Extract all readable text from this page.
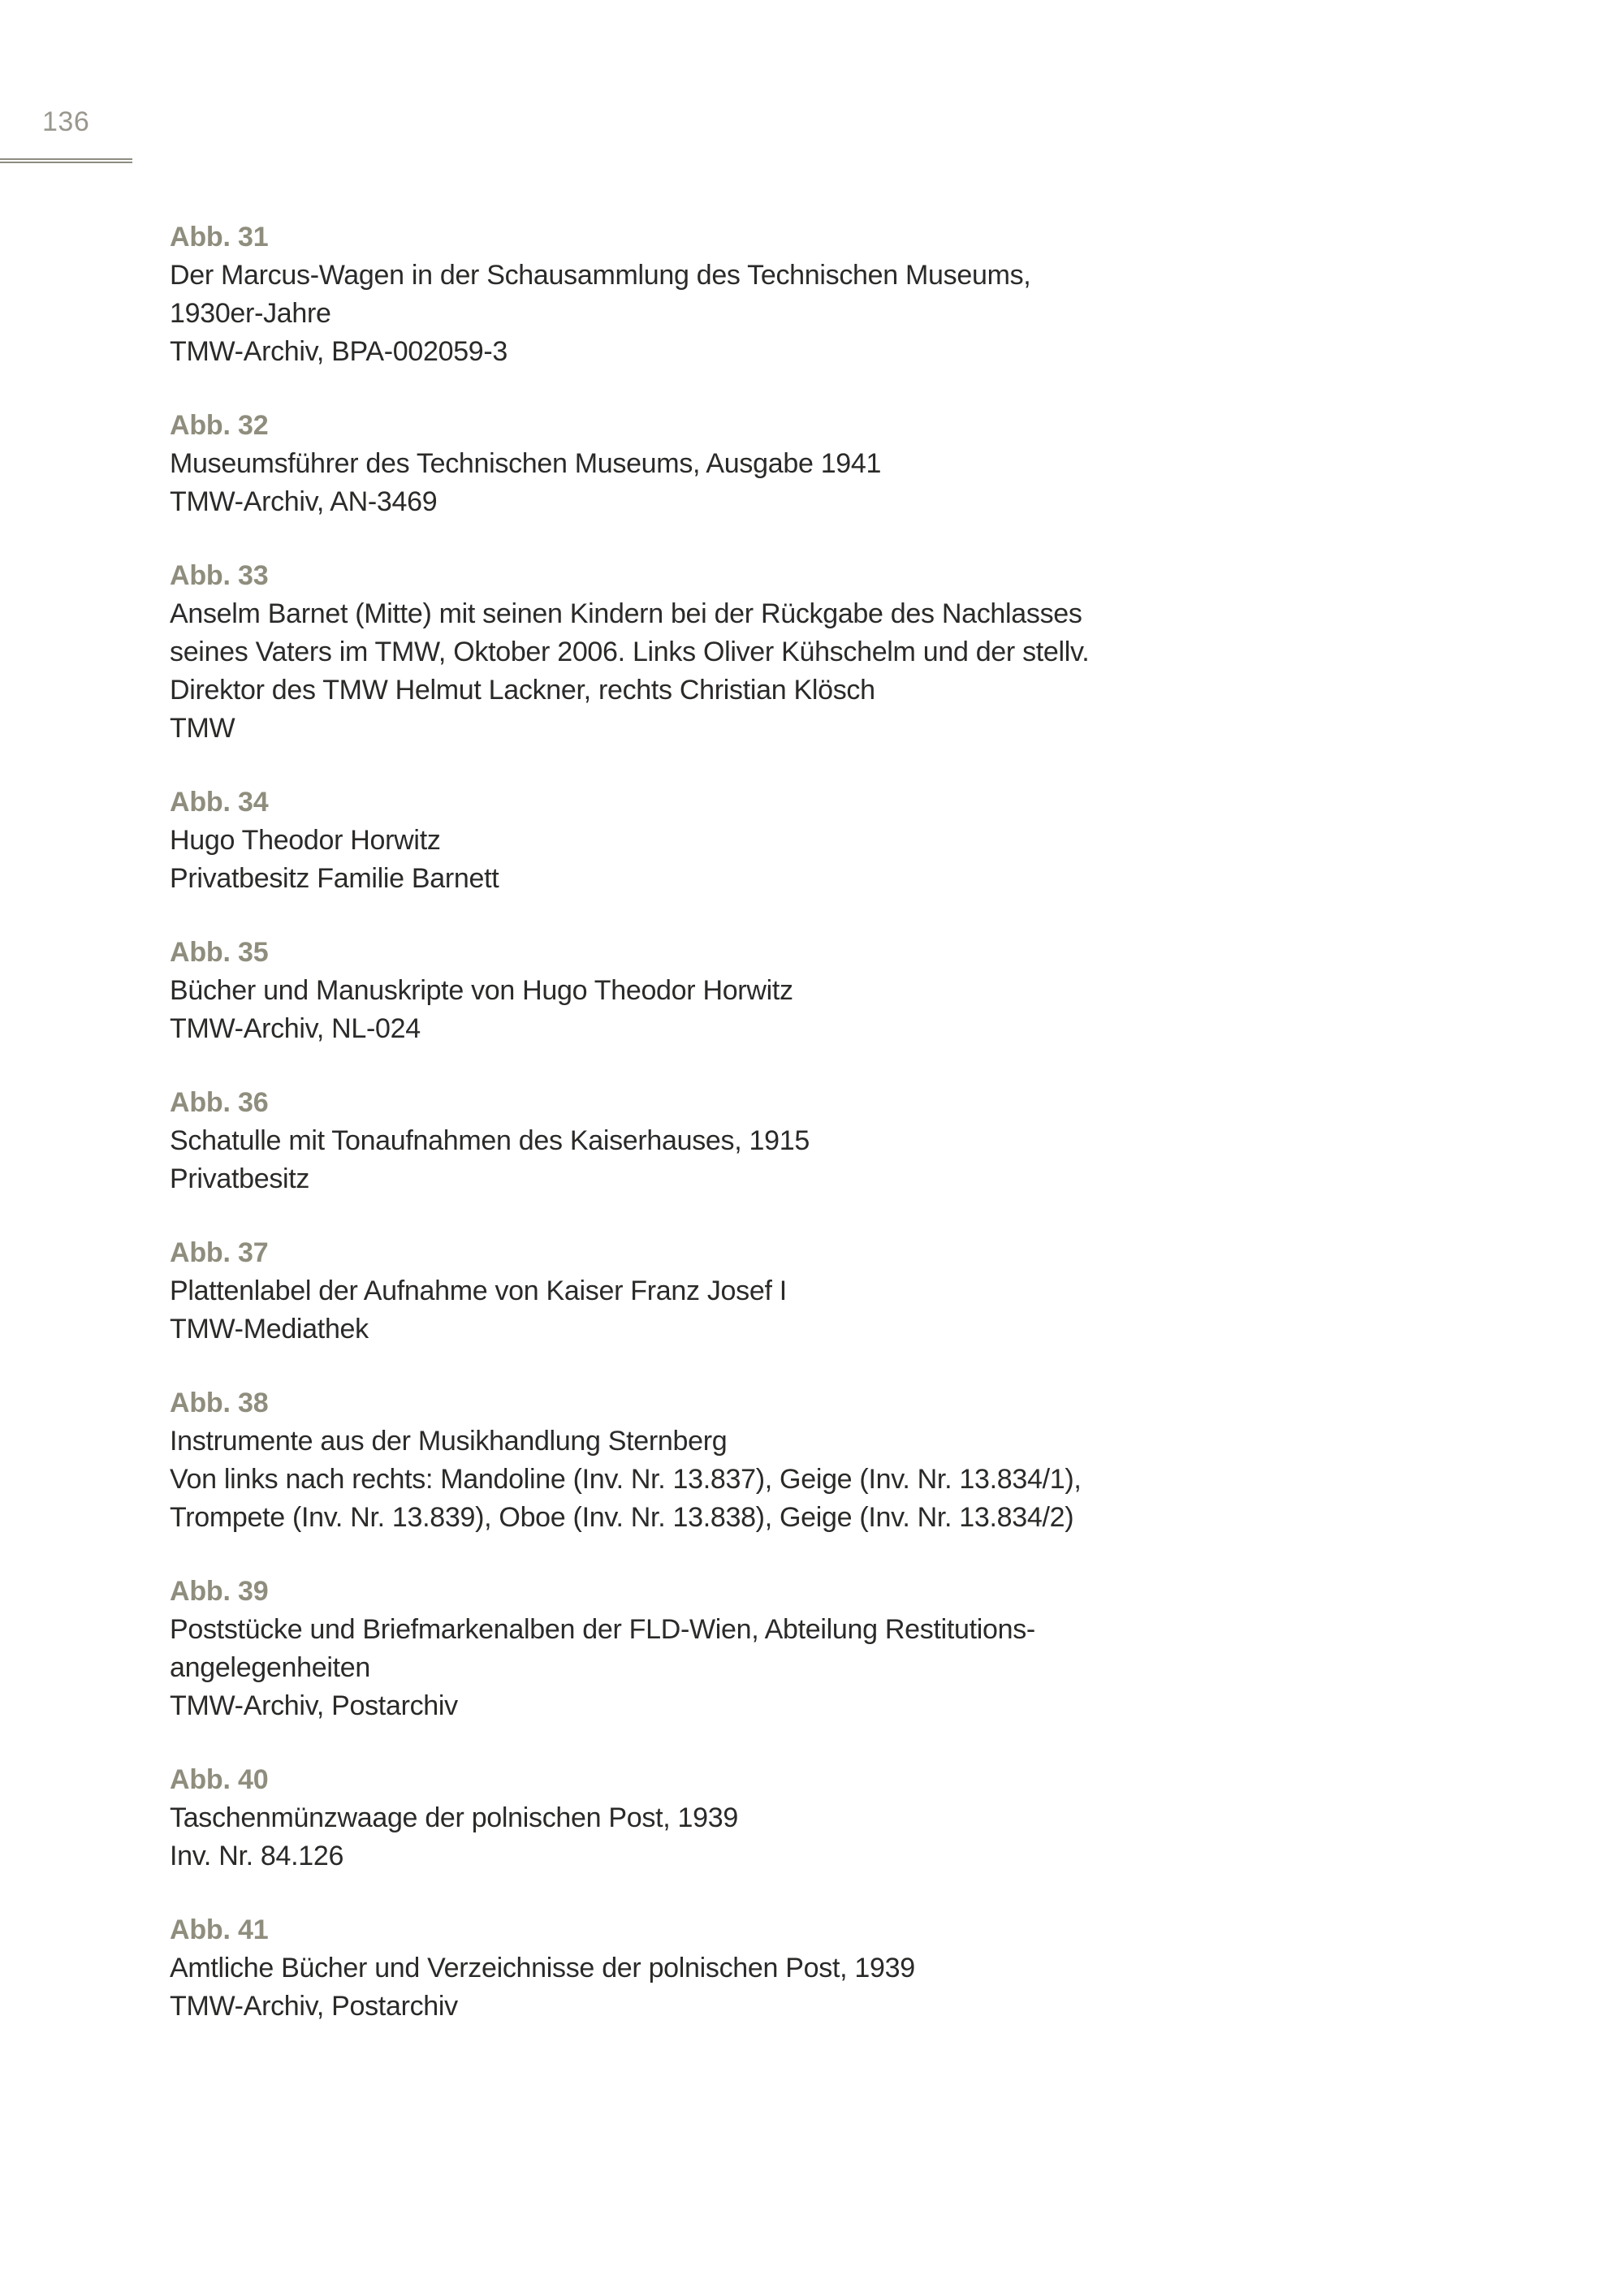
136
Abb. 31

Der Marcus-Wagen in der Schausammlung des Technischen Museums,

1930er-Jahre

TMW-Archiv, BPA-002059-3

Abb. 32

Museumsführer des Technischen Museums, Ausgabe 1941

TMW-Archiv, AN-3469

Abb. 33

Anselm Barnet (Mitte) mit seinen Kindern bei der Rückgabe des Nachlasses

seines Vaters im TMW, Oktober 2006. Links Oliver Kühschelm und der stellv.

Direktor des TMW Helmut Lackner, rechts Christian Klösch

TMW

Abb. 34

Hugo Theodor Horwitz

Privatbesitz Familie Barnett

Abb. 35

Bücher und Manuskripte von Hugo Theodor Horwitz

TMW-Archiv, NL-024

Abb. 36

Schatulle mit Tonaufnahmen des Kaiserhauses, 1915

Privatbesitz

Abb. 37

Plattenlabel der Aufnahme von Kaiser Franz Josef I

TMW-Mediathek

Abb. 38

Instrumente aus der Musikhandlung Sternberg

Von links nach rechts: Mandoline (Inv. Nr. 13.837), Geige (Inv. Nr. 13.834/1),

Trompete (Inv. Nr. 13.839), Oboe (Inv. Nr. 13.838), Geige (Inv. Nr. 13.834/2)

Abb. 39

Poststücke und Briefmarkenalben der FLD-Wien, Abteilung Restitutions-

angelegenheiten

TMW-Archiv, Postarchiv

Abb. 40

Taschenmünzwaage der polnischen Post, 1939

Inv. Nr. 84.126

Abb. 41

Amtliche Bücher und Verzeichnisse der polnischen Post, 1939

TMW-Archiv, Postarchiv
